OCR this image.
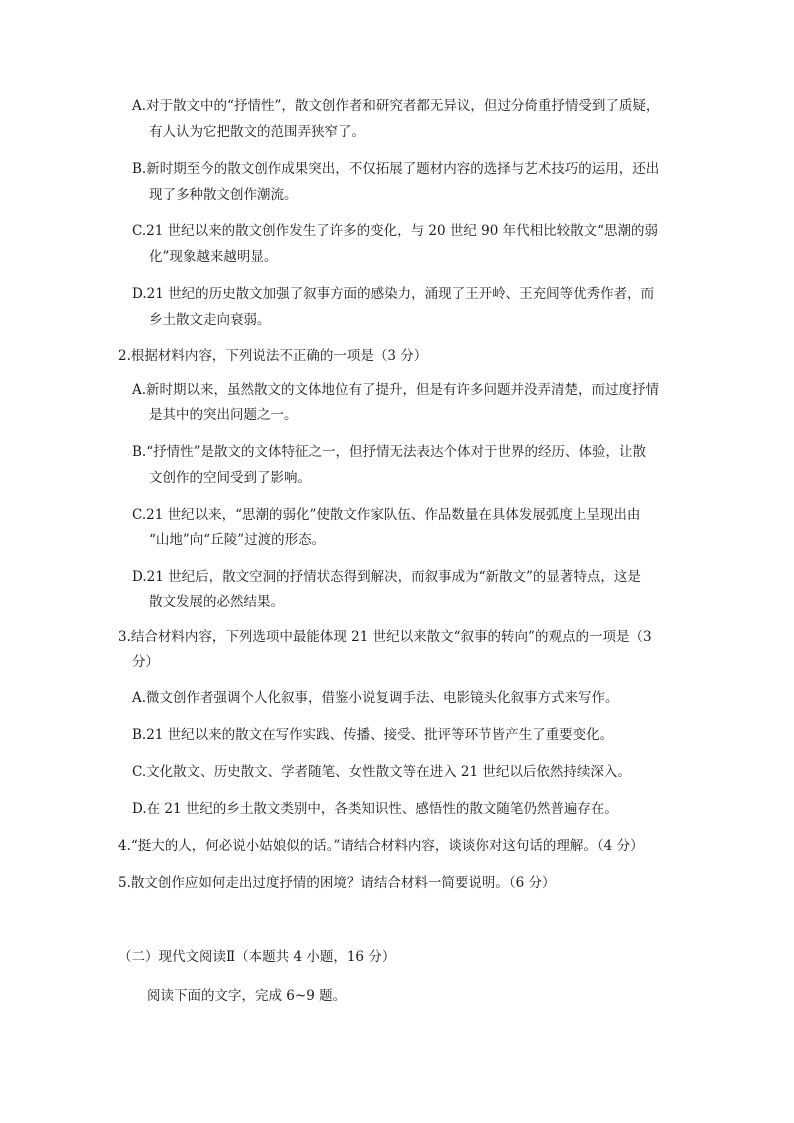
A.对于散文中的“抒情性”，散文创作者和研究者都无异议，但过分倚重抒情受到了质疑，
有人认为它把散文的范围弄狭窄了。
B.新时期至今的散文创作成果突出，不仅拓展了题材内容的选择与艺术技巧的运用，还出
现了多种散文创作潮流。
C.21 世纪以来的散文创作发生了许多的变化，与 20 世纪 90 年代相比较散文“思潮的弱
化”现象越来越明显。
D.21 世纪的历史散文加强了叙事方面的感染力，涌现了王开岭、王充闾等优秀作者，而
乡土散文走向衰弱。
2.根据材料内容，下列说法不正确的一项是（3 分）
A.新时期以来，虽然散文的文体地位有了提升，但是有许多问题并没弄清楚，而过度抒情
是其中的突出问题之一。
B.“抒情性”是散文的文体特征之一，但抒情无法表达个体对于世界的经历、体验，让散
文创作的空间受到了影响。
C.21 世纪以来，“思潮的弱化”使散文作家队伍、作品数量在具体发展弧度上呈现出由
“山地”向“丘陵”过渡的形态。
D.21 世纪后，散文空洞的抒情状态得到解决，而叙事成为“新散文”的显著特点，这是
散文发展的必然结果。
3.结合材料内容，下列选项中最能体现 21 世纪以来散文“叙事的转向”的观点的一项是（3
分）
A.微文创作者强调个人化叙事，借鉴小说复调手法、电影镜头化叙事方式来写作。
B.21 世纪以来的散文在写作实践、传播、接受、批评等环节皆产生了重要变化。
C.文化散文、历史散文、学者随笔、女性散文等在进入 21 世纪以后依然持续深入。
D.在 21 世纪的乡土散文类别中，各类知识性、感悟性的散文随笔仍然普遍存在。
4.“挺大的人，何必说小姑娘似的话。”请结合材料内容，谈谈你对这句话的理解。（4 分）
5.散文创作应如何走出过度抒情的困境？请结合材料一简要说明。（6 分）
（二）现代文阅读Ⅱ（本题共 4 小题，16 分）
阅读下面的文字，完成 6~9 题。
